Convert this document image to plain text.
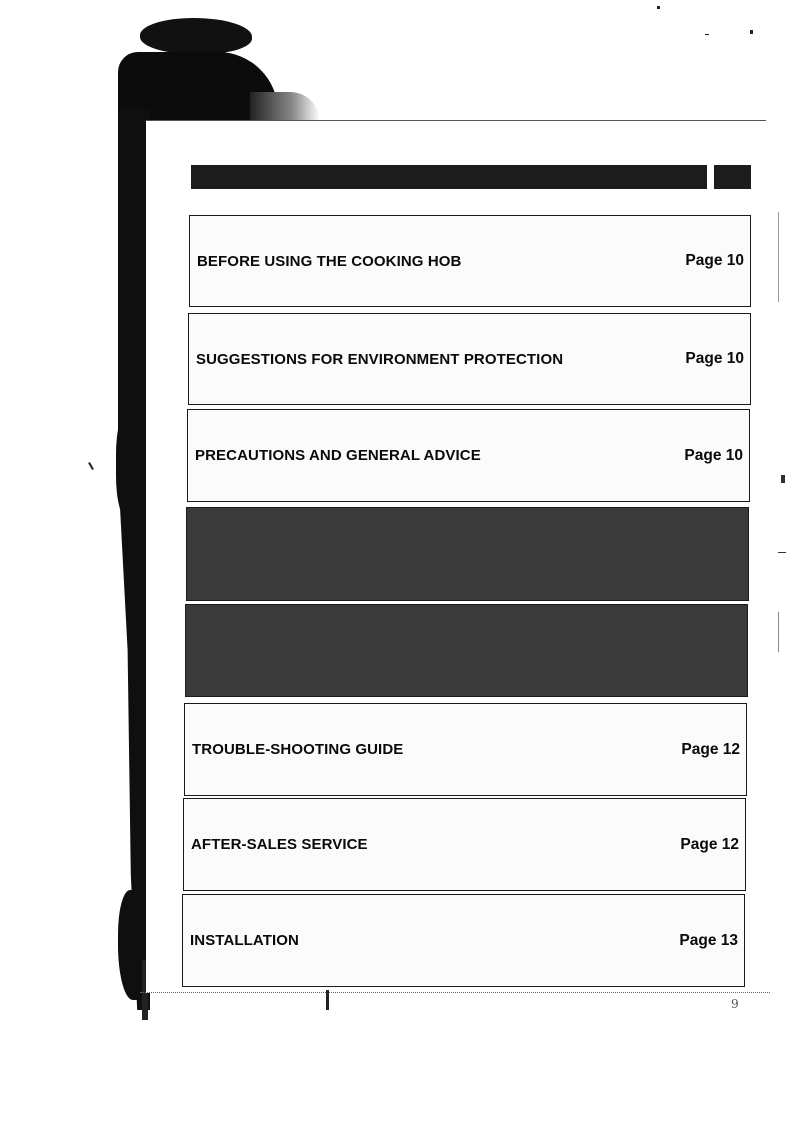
BEFORE USING THE COOKING HOB	Page 10
SUGGESTIONS FOR ENVIRONMENT PROTECTION	Page 10
PRECAUTIONS AND GENERAL ADVICE	Page 10
TROUBLE-SHOOTING GUIDE	Page 12
AFTER-SALES SERVICE	Page 12
INSTALLATION	Page 13
9
